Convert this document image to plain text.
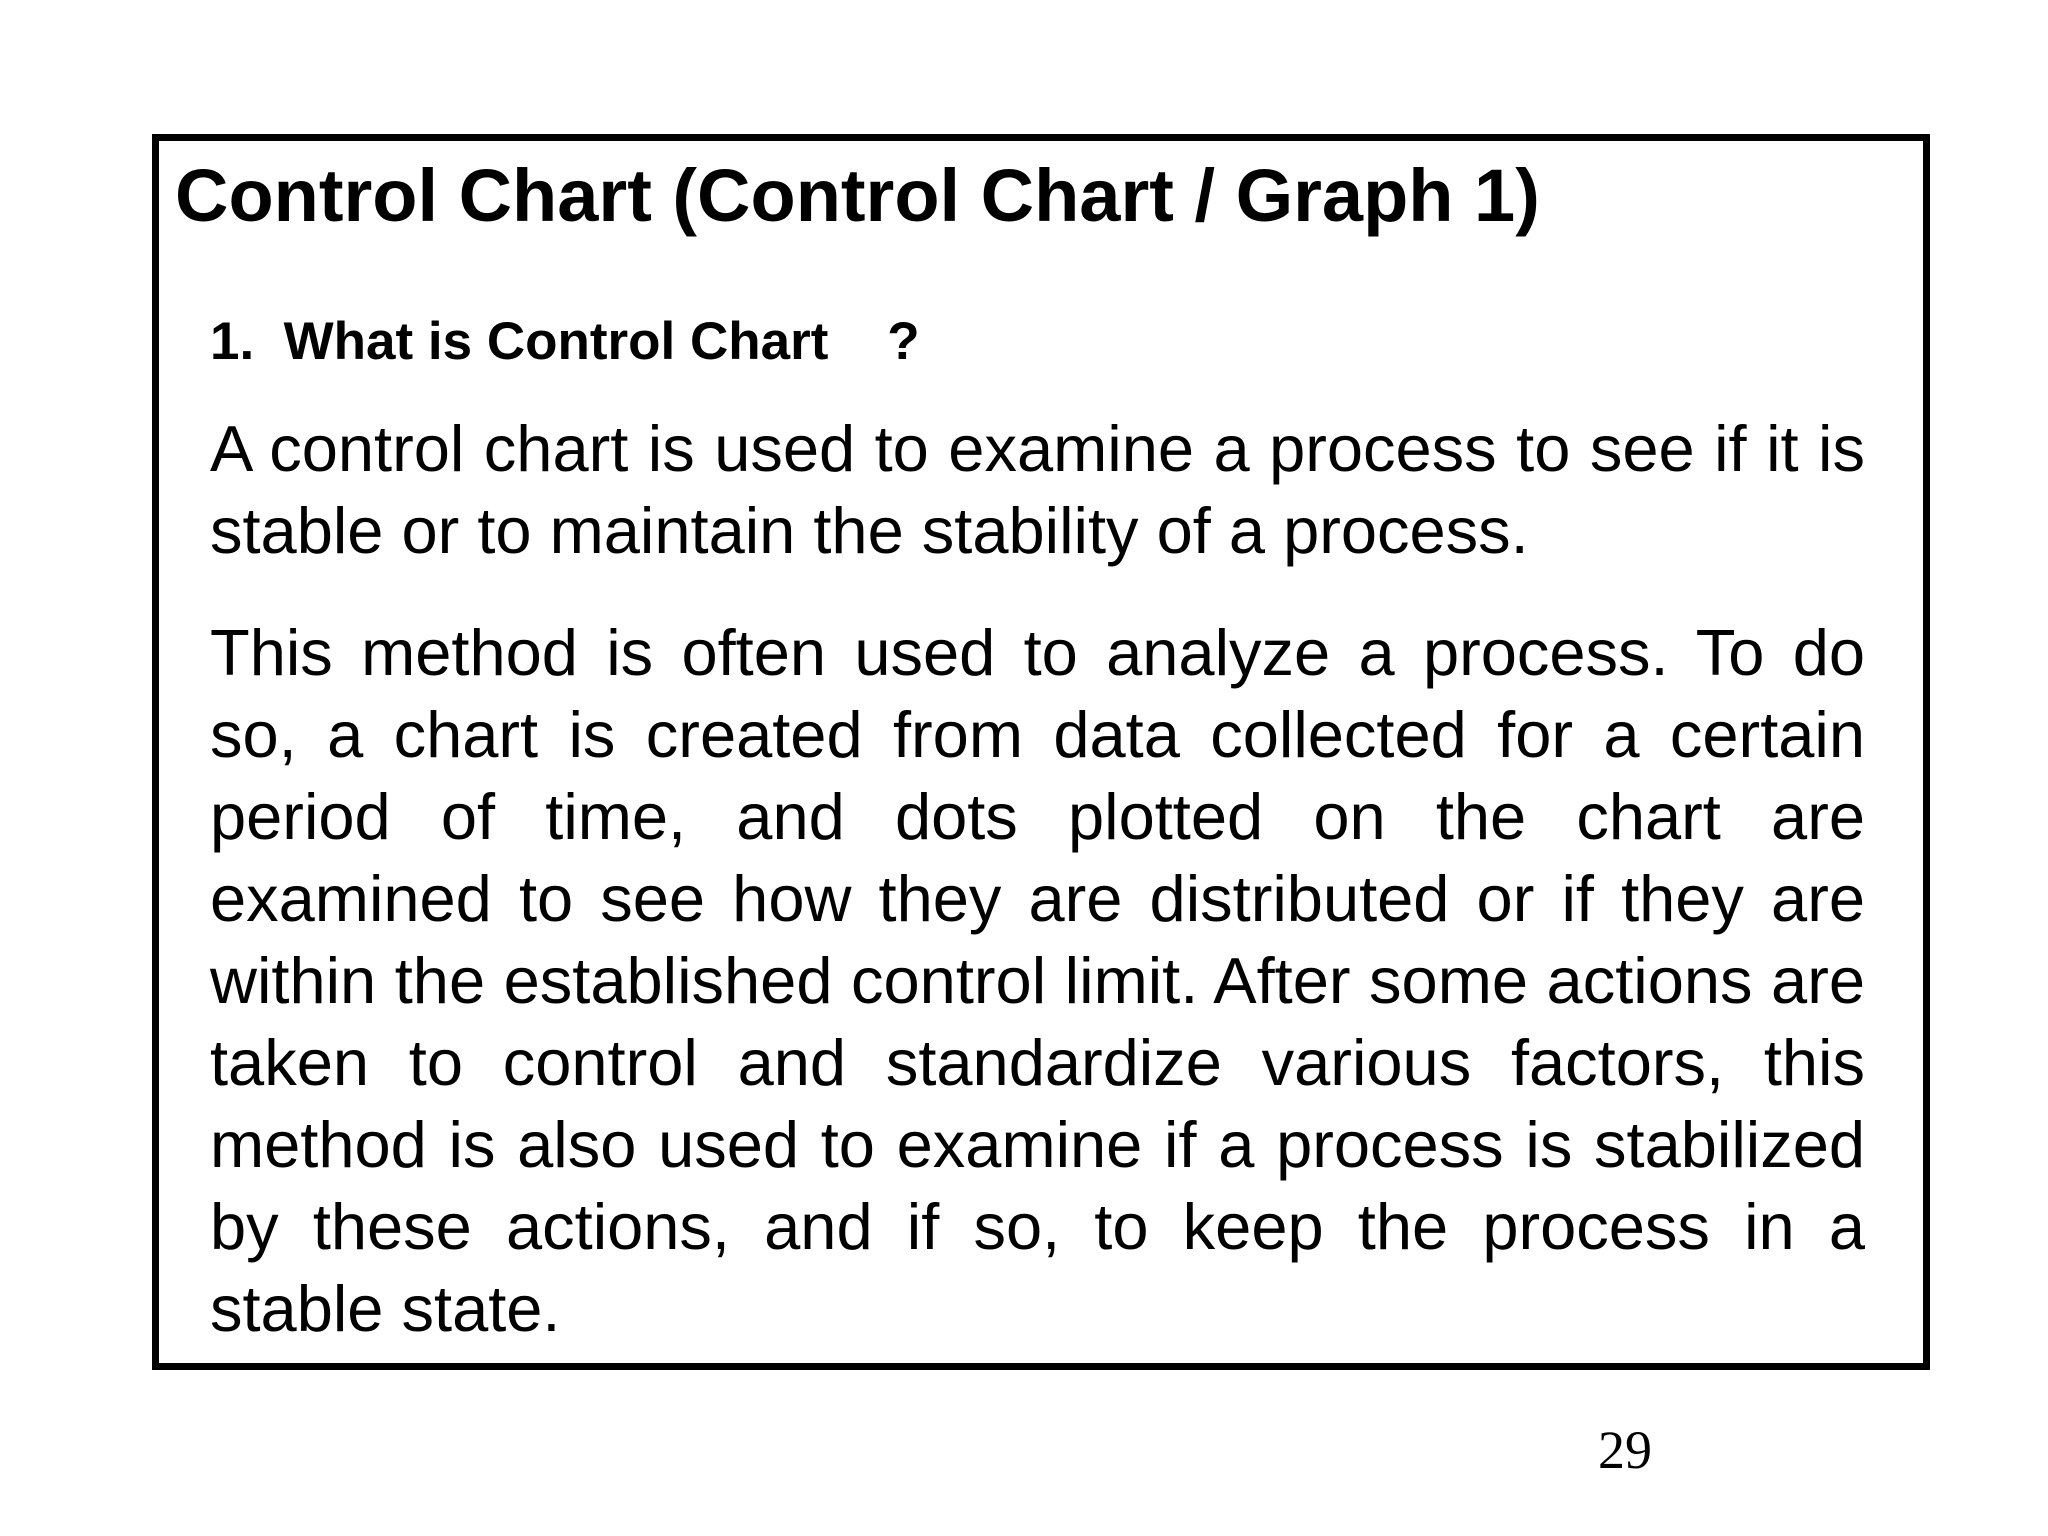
Control Chart (Control Chart / Graph 1)
1.  What is Control Chart    ?

A control chart is used to examine a process to see if it is stable or to maintain the stability of a process.

This method is often used to analyze a process. To do so, a chart is created from data collected for a certain period of time, and dots plotted on the chart are examined to see how they are distributed or if they are within the established control limit. After some actions are taken to control and standardize various factors, this method is also used to examine if a process is stabilized by these actions, and if so, to keep the process in a stable state.

29
